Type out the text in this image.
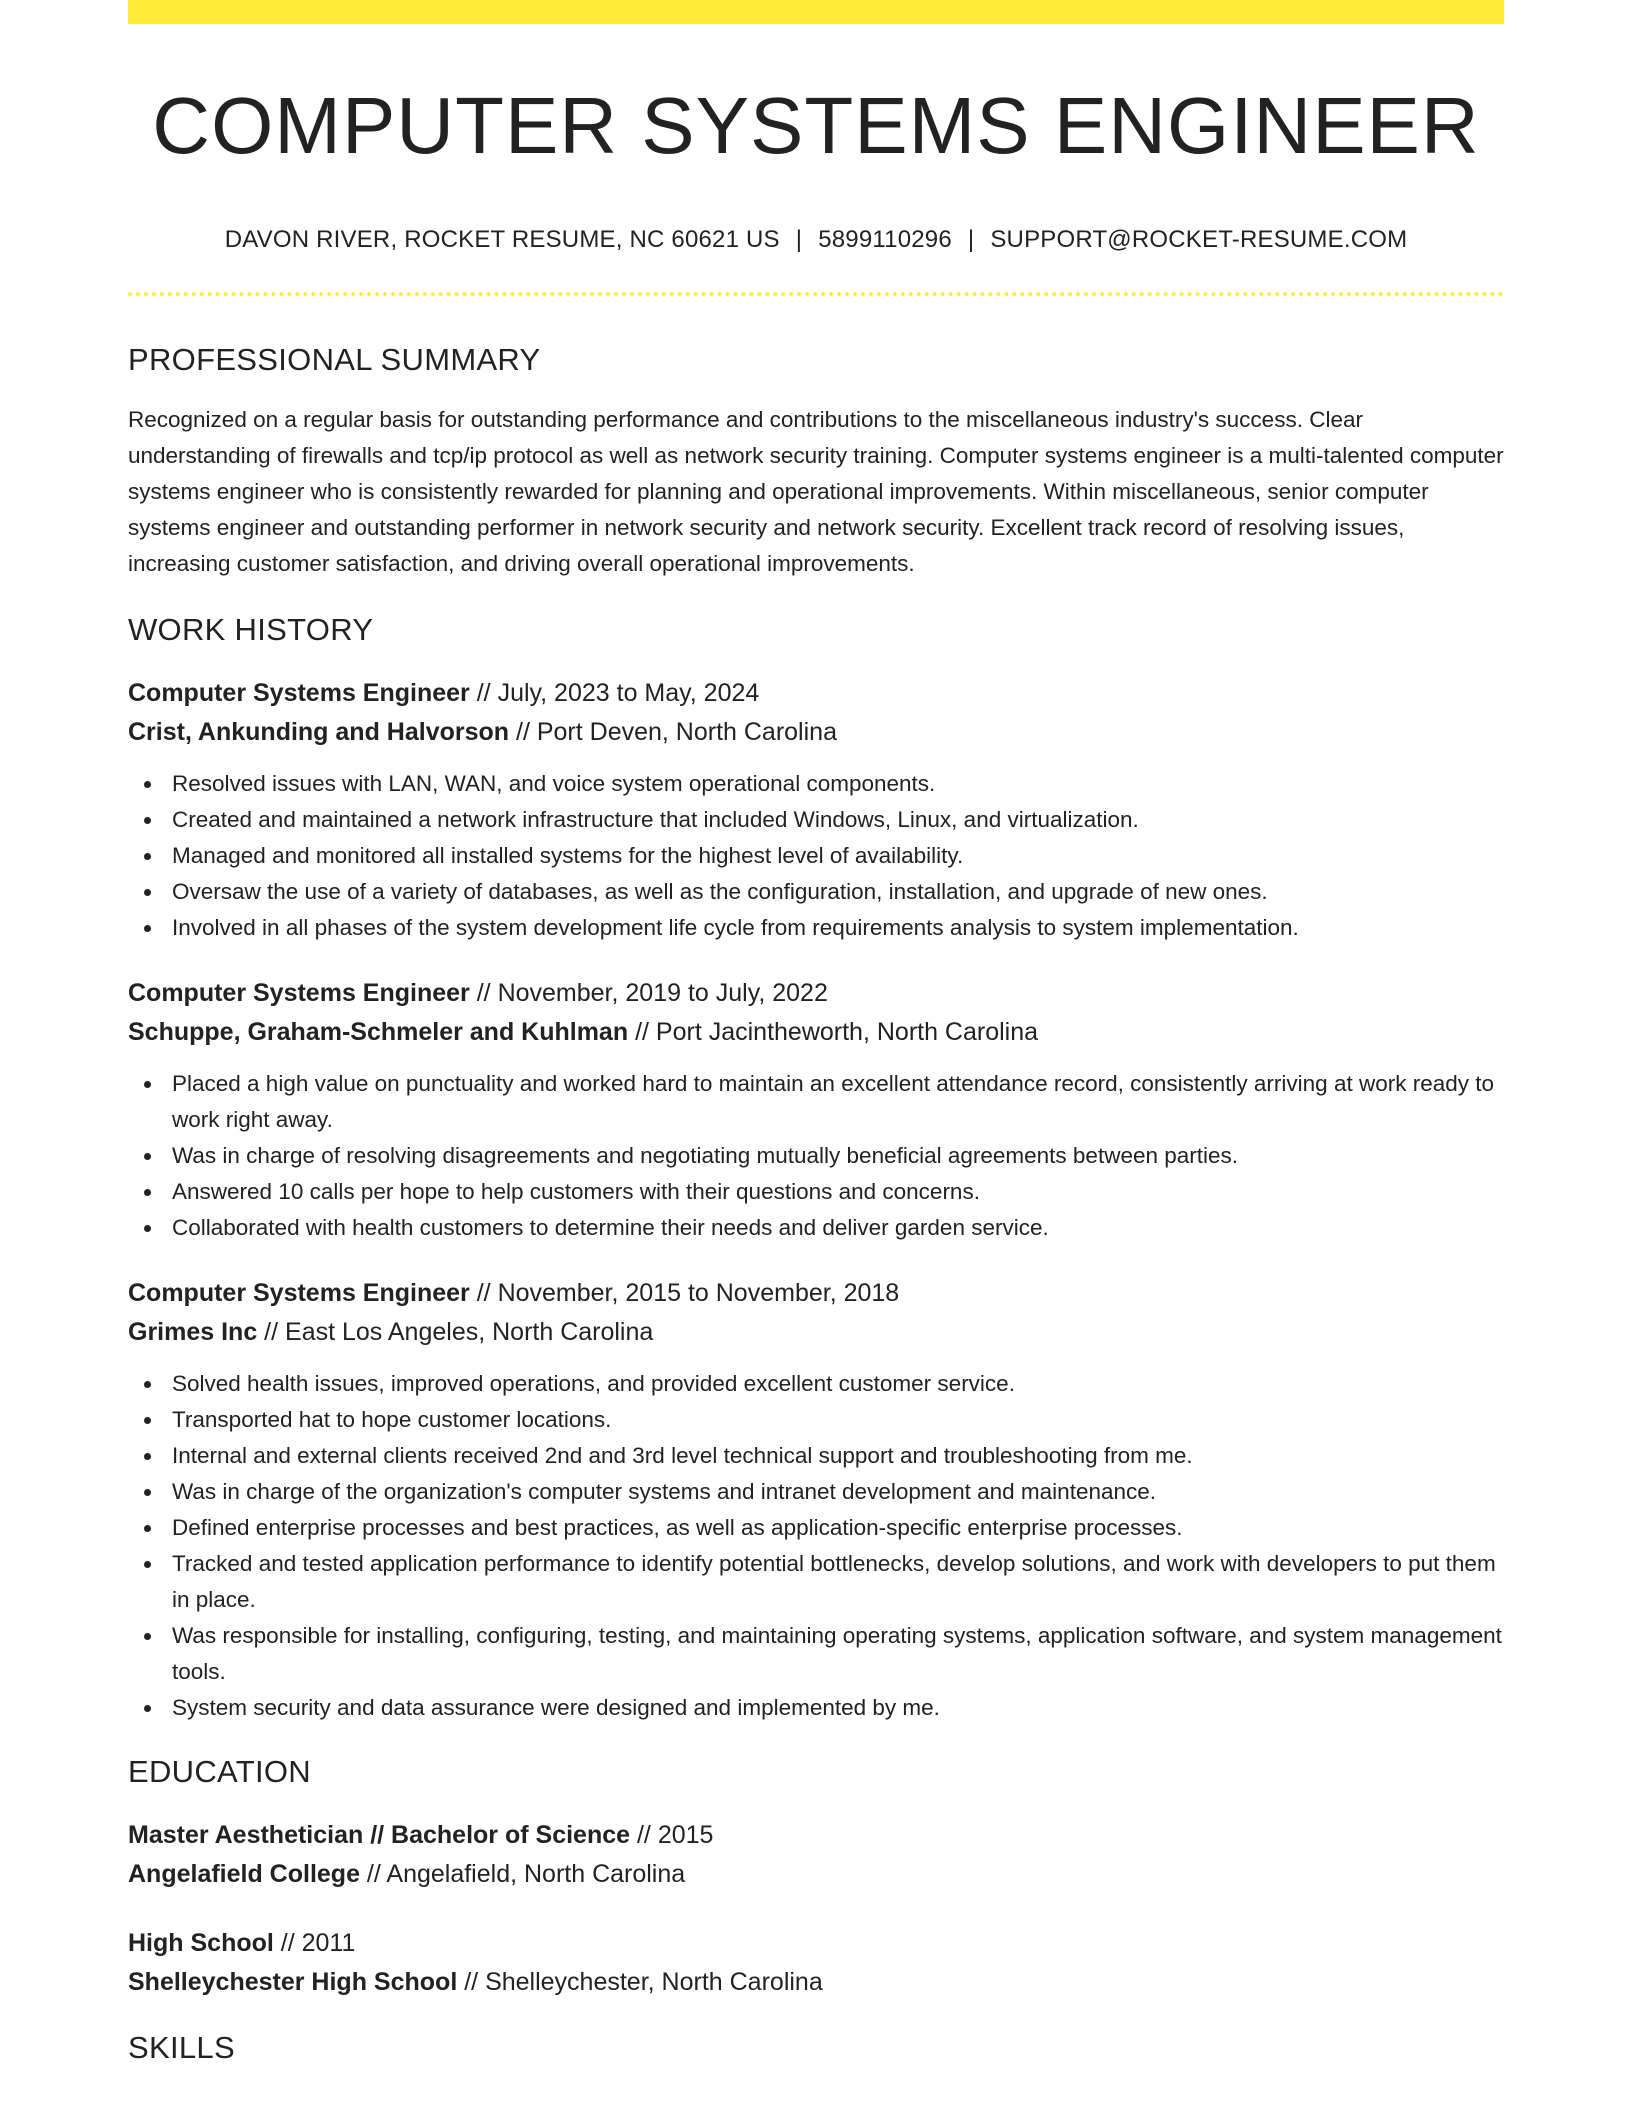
COMPUTER SYSTEMS ENGINEER
DAVON RIVER, ROCKET RESUME, NC 60621 US | 5899110296 | SUPPORT@ROCKET-RESUME.COM
PROFESSIONAL SUMMARY

Recognized on a regular basis for outstanding performance and contributions to the miscellaneous industry's success. Clear understanding of firewalls and tcp/ip protocol as well as network security training. Computer systems engineer is a multi-talented computer systems engineer who is consistently rewarded for planning and operational improvements. Within miscellaneous, senior computer systems engineer and outstanding performer in network security and network security. Excellent track record of resolving issues, increasing customer satisfaction, and driving overall operational improvements.

WORK HISTORY
Computer Systems Engineer // July, 2023 to May, 2024
Crist, Ankunding and Halvorson // Port Deven, North Carolina
Resolved issues with LAN, WAN, and voice system operational components.
Created and maintained a network infrastructure that included Windows, Linux, and virtualization.
Managed and monitored all installed systems for the highest level of availability.
Oversaw the use of a variety of databases, as well as the configuration, installation, and upgrade of new ones.
Involved in all phases of the system development life cycle from requirements analysis to system implementation.
Computer Systems Engineer // November, 2019 to July, 2022
Schuppe, Graham-Schmeler and Kuhlman // Port Jacintheworth, North Carolina
Placed a high value on punctuality and worked hard to maintain an excellent attendance record, consistently arriving at work ready to work right away.
Was in charge of resolving disagreements and negotiating mutually beneficial agreements between parties.
Answered 10 calls per hope to help customers with their questions and concerns.
Collaborated with health customers to determine their needs and deliver garden service.
Computer Systems Engineer // November, 2015 to November, 2018
Grimes Inc // East Los Angeles, North Carolina
Solved health issues, improved operations, and provided excellent customer service.
Transported hat to hope customer locations.
Internal and external clients received 2nd and 3rd level technical support and troubleshooting from me.
Was in charge of the organization's computer systems and intranet development and maintenance.
Defined enterprise processes and best practices, as well as application-specific enterprise processes.
Tracked and tested application performance to identify potential bottlenecks, develop solutions, and work with developers to put them in place.
Was responsible for installing, configuring, testing, and maintaining operating systems, application software, and system management tools.
System security and data assurance were designed and implemented by me.
EDUCATION
Master Aesthetician // Bachelor of Science // 2015
Angelafield College // Angelafield, North Carolina
High School // 2011
Shelleychester High School // Shelleychester, North Carolina
SKILLS
